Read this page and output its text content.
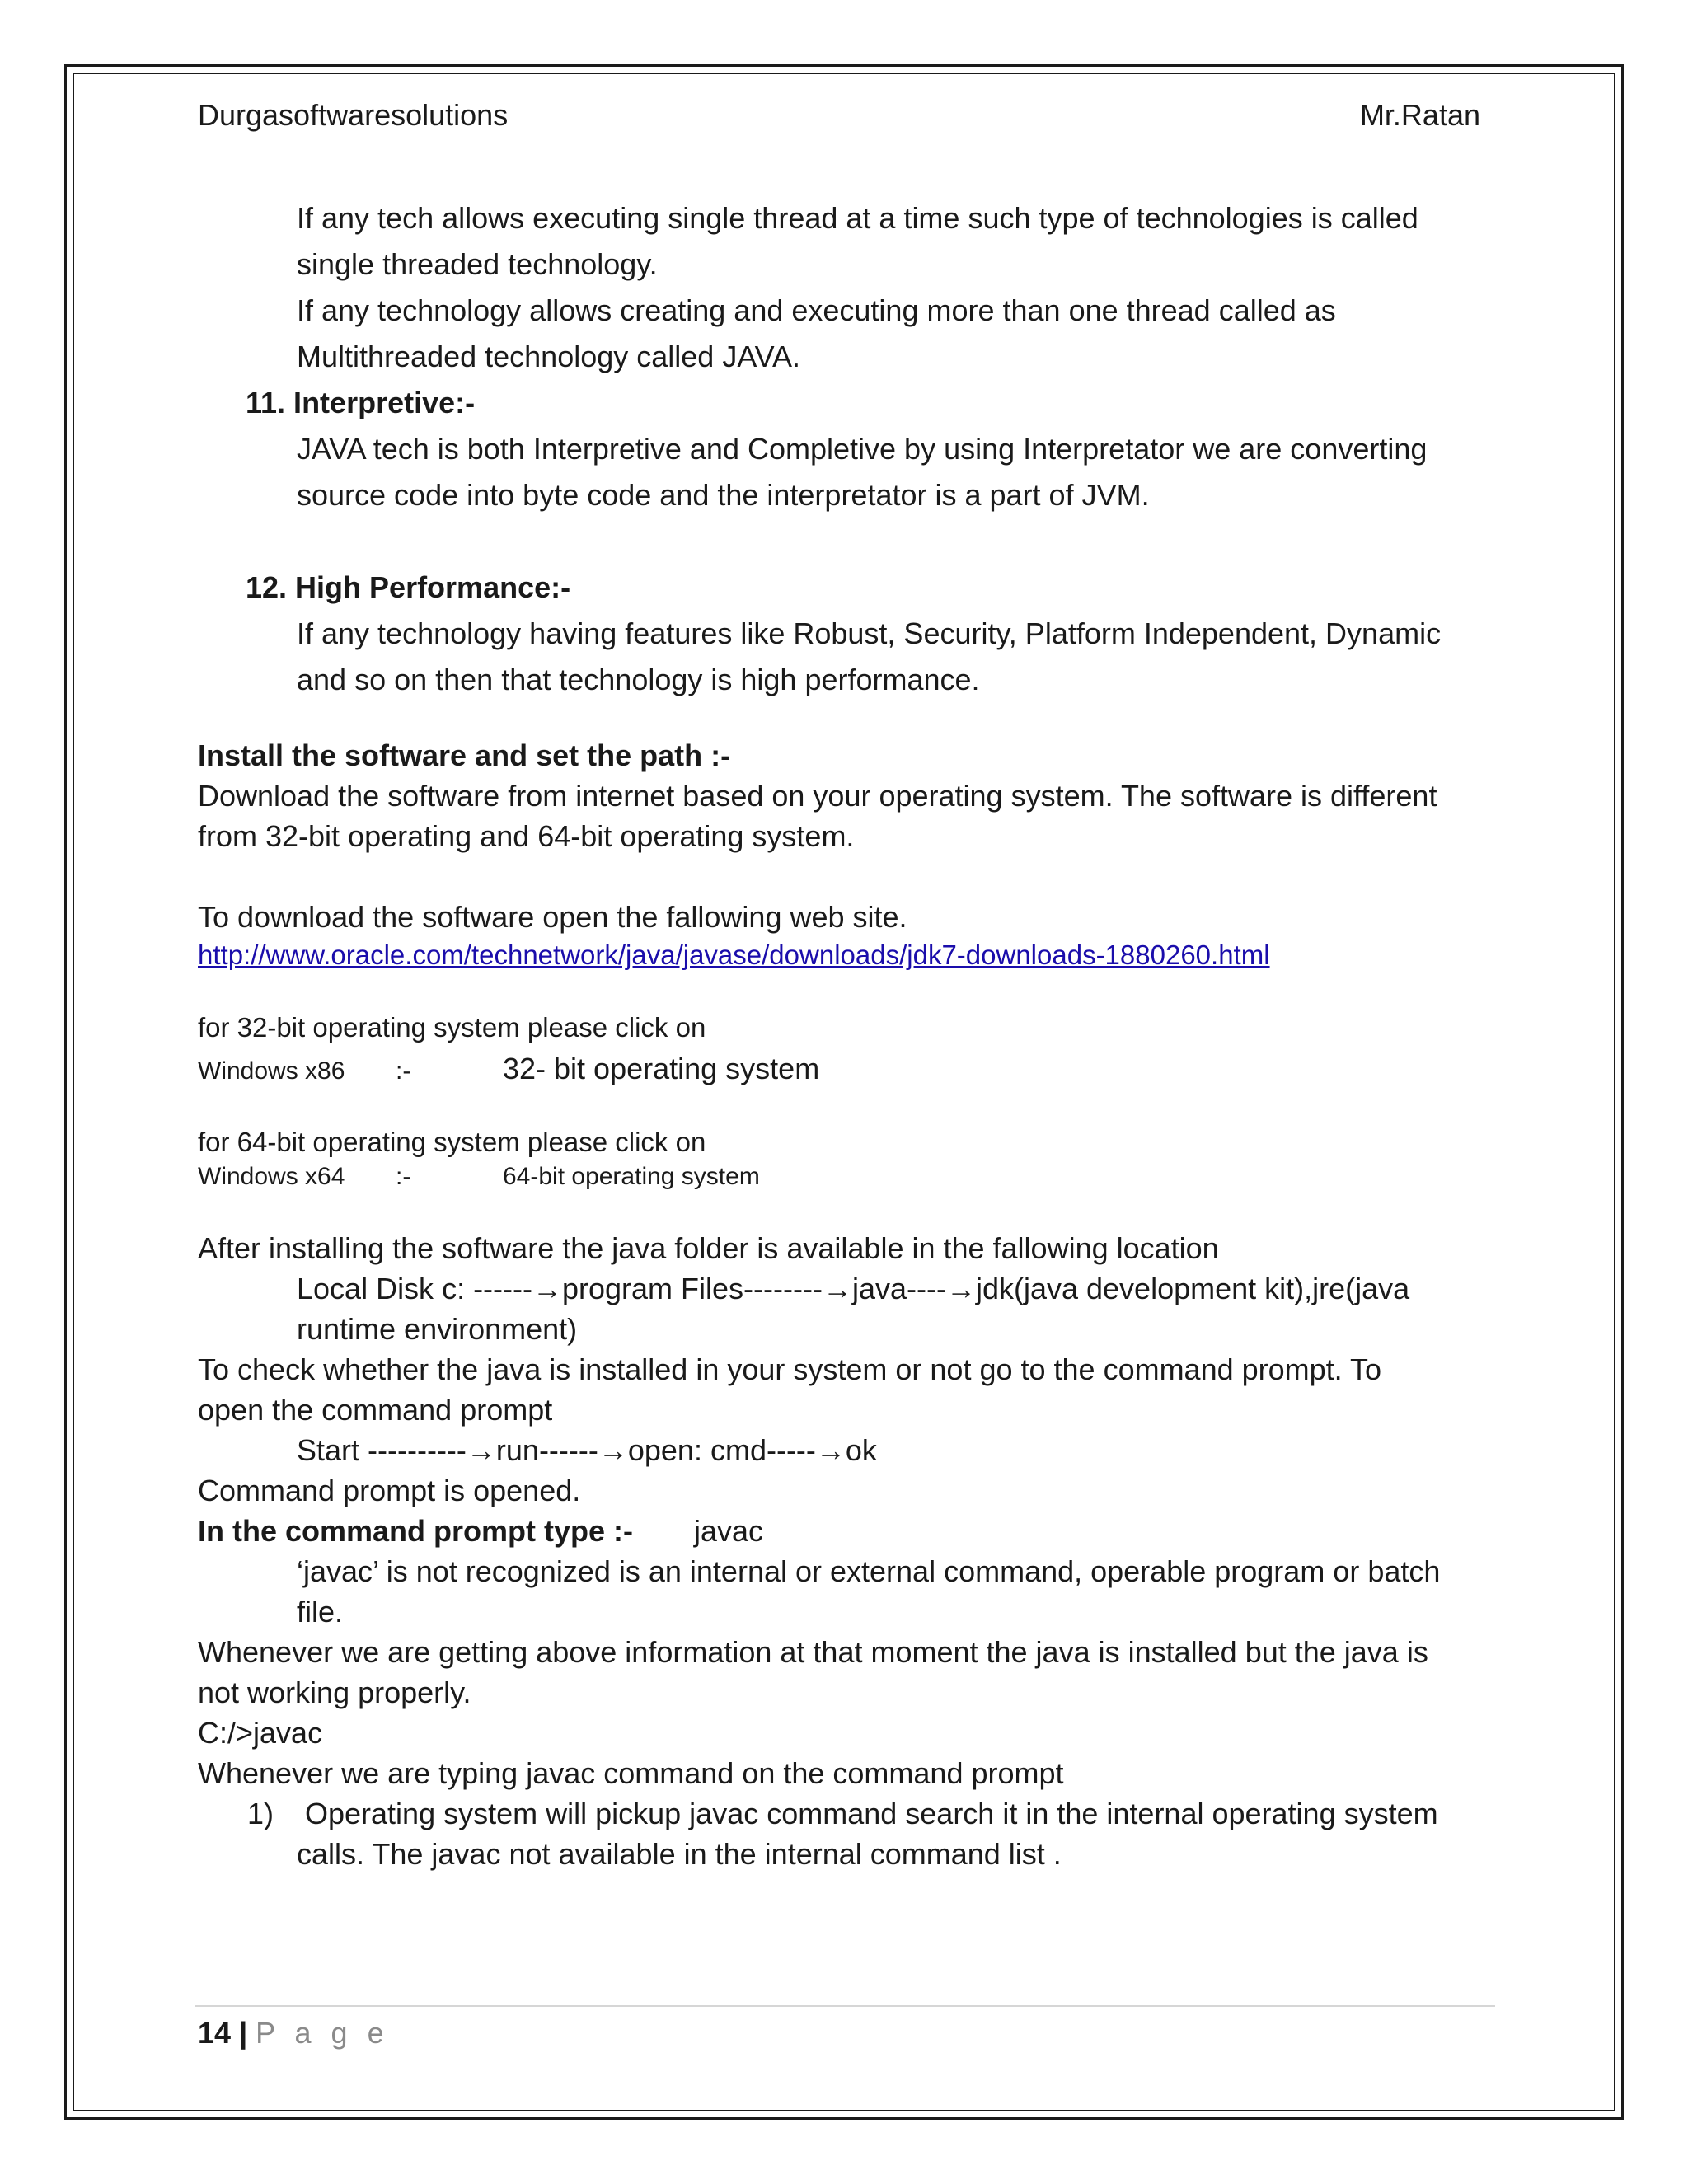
Durgasoftwaresolutions	Mr.Ratan
If any tech allows executing single thread at a time such type of technologies is called
single threaded technology.
If any technology allows creating and executing more than one thread called as
Multithreaded technology called JAVA.
11. Interpretive:-
JAVA tech is both Interpretive and Completive by using Interpretator we are converting
source code into byte code and the interpretator is a part of JVM.
12. High Performance:-
If any technology having features like Robust, Security, Platform Independent, Dynamic
and so on then that technology is high performance.
Install the software and set the path :-
Download the software from internet based on your operating system. The software is different
from 32-bit operating and 64-bit operating system.
To download the software open the fallowing web site.
http://www.oracle.com/technetwork/java/javase/downloads/jdk7-downloads-1880260.html
for 32-bit operating system please click on
Windows x86 :-	32- bit operating system
for 64-bit operating system please click on
Windows x64 :-	64-bit operating system
After installing the software the java folder is available in the fallowing location
Local Disk c: ------→program Files--------→java----→jdk(java development kit),jre(java
runtime environment)
To check whether the java is installed in your system or not go to the command prompt. To
open the command prompt
Start ----------→run------→open: cmd-----→ok
Command prompt is opened.
In the command prompt type :- javac
‘javac’ is not recognized is an internal or external command, operable program or batch
file.
Whenever we are getting above information at that moment the java is installed but the java is
not working properly.
C:/>javac
Whenever we are typing javac command on the command prompt
1) Operating system will pickup javac command search it in the internal operating system
calls. The javac not available in the internal command list .
14 | P a g e
